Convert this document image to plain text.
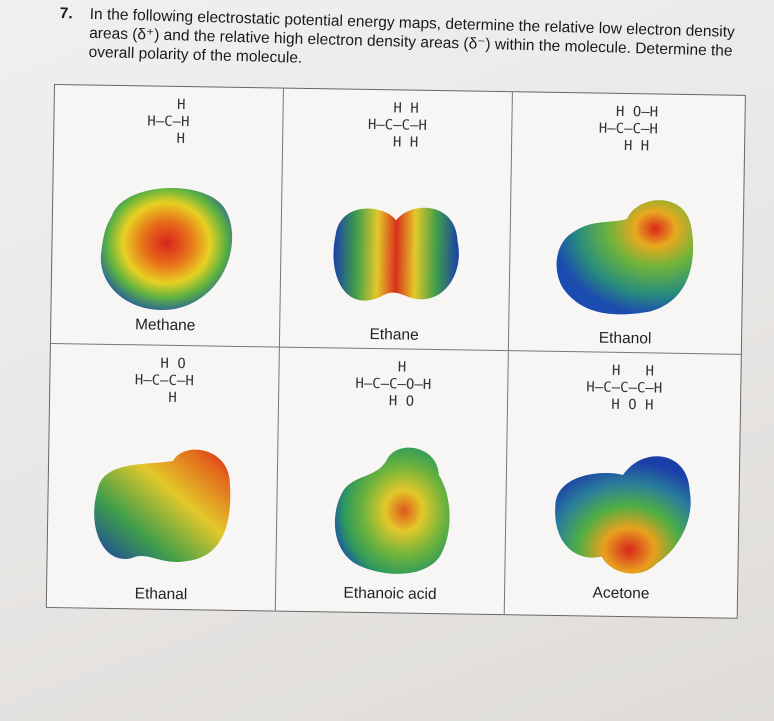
7. In the following electrostatic potential energy maps, determine the relative low electron density areas (δ⁺) and the relative high electron density areas (δ⁻) within the molecule. Determine the overall polarity of the molecule.
H
H–C–H
H
Methane
H H
H–C–C–H
H H
Ethane
H O–H
H–C–C–H
H H
Ethanol
H O
H–C–C–H
H
Ethanal
H
H–C–C–O–H
H O
Ethanoic acid
H   H
H–C–C–C–H
H O H
Acetone
